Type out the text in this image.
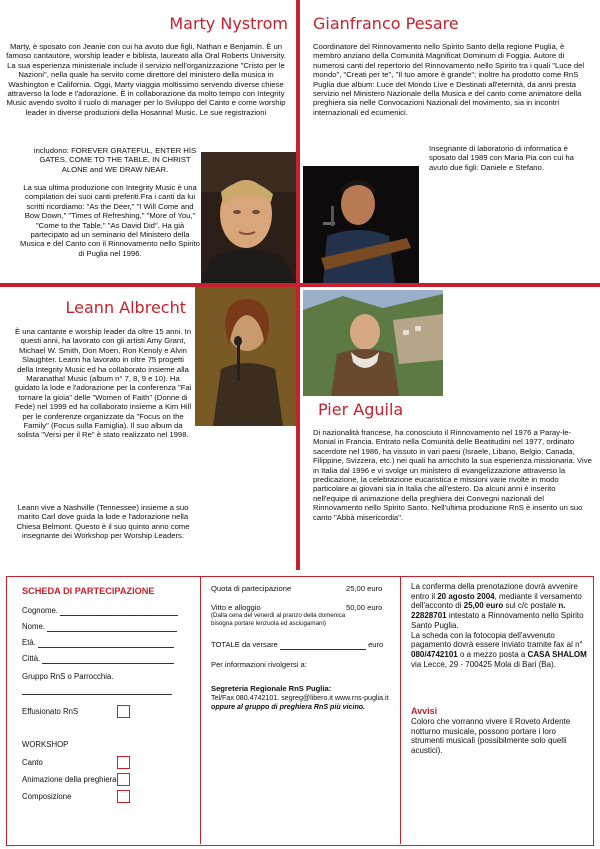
Marty Nystrom

Marty, è sposato con Jeanie con cui ha avuto due figli, Nathan e Benjamin. È un famoso cantautore, worship leader e biblista, laureato alla Oral Roberts University. La sua esperienza ministeriale include il servizio nell'organizzazione "Cristo per le Nazioni", nella quale ha servito come direttore del ministero della musica in Washington e California. Oggi, Marty viaggia moltissimo servendo diverse chiese attraverso la lode e l'adorazione. È in collaborazione da molto tempo con Integrity Music avendo svolto il ruolo di manager per lo Sviluppo del Canto e come worship leader in diverse produzioni della Hosanna! Music. Le sue registrazioni

includono: FOREVER GRATEFUL, ENTER HIS GATES, COME TO THE TABLE, IN CHRIST ALONE and WE DRAW NEAR.

La sua ultima produzione con Integrity Music è una compilation dei suoi canti preferiti.Fra i canti da lui scritti ricordiamo: "As the Deer," "I Will Come and Bow Down," "Times of Refreshing," "More of You," "Come to the Table," "As David Did". Ha già partecipato ad un seminario del Ministero della Musica e del Canto con il Rinnovamento nello Spirito di Puglia nel 1996.

Gianfranco Pesare

Coordinatore del Rinnovamento nello Spirito Santo della regione Puglia, è membro anziano della Comunità Magnificat Dominum di Foggia. Autore di numerosi canti del repertorio del Rinnovamento nello Spirito tra i quali "Luce del mondo", "Creati per te", "Il tuo amore è grande"; inoltre ha prodotto come RnS Puglia due album: Luce del Mondo Live e Destinati all'eternità, da anni presta servizio nel Ministero Nazionale della Musica e del canto come animatore della preghiera sia nelle Convocazioni Nazionali del movimento, sia in incontri internazionali ed ecumenici.

Insegnante di laboratorio di informatica è sposato dal 1989 con Maria Pia con cui ha avuto due figli: Daniele e Stefano.

Leann Albrecht

È una cantante e worship leader da oltre 15 anni. In questi anni, ha lavorato con gli artisti Amy Grant, Michael W. Smith, Don Moen, Ron Kenoly e Alvin Slaughter. Leann ha lavorato in oltre 75 progetti della Integrity Music ed ha collaborato insieme alla Maranatha! Music (album n° 7, 8, 9 e 10). Ha guidato la lode e l'adorazione per la conferenza "Fai tornare la gioia" delle "Women of Faith" (Donne di Fede) nel 1999 ed ha collaborato insieme a Kim Hill per le conferenze organizzate da "Focus on the Family" (Focus sulla Famiglia). Il suo album da solista "Versi per il Re" è stato realizzato nel 1998.

Leann vive a Nashville (Tennessee) insieme a suo marito Carl dove guida la lode e l'adorazione nella Chiesa Belmont. Questo è il suo quinto anno come insegnante dei Workshop per Worship Leaders.

Pier Aguila

Di nazionalità francese, ha conosciuto il Rinnovamento nel 1976 a Paray-le-Monial in Francia. Entrato nella Comunità delle Beatitudini nel 1977, ordinato sacerdote nel 1986, ha vissuto in vari paesi (Israele, Libano, Belgio, Canada, Filippine, Svizzera, etc.) nei quali ha arricchito la sua esperienza missionaria. Vive in Italia dal 1996 e vi svolge un ministero di evangelizzazione attraverso la predicazione, la celebrazione eucaristica e missioni varie rivolte in modo particolare ai giovani sia in Italia che all'estero. Da alcuni anni è inserito nell'equipe di animazione della preghiera dei Convegni nazionali del Rinnovamento nello Spirito Santo. Nell'ultima produzione RnS è inserito un suo canto "Abbà misericordia".

SCHEDA DI PARTECIPAZIONE
Cognome.
Nome.
Età.
Città.
Gruppo RnS o Parrocchia.
Effusionato RnS
WORKSHOP
Canto
Animazione della preghiera
Composizione
Quota di partecipazione	25,00 euro
Vitto e alloggio	50,00 euro
(Dalla cena del venerdì al pranzo della domenica bisogna portare lenzuola ed asciugamani)
TOTALE da versare	euro
Per informazioni rivolgersi a:
Segreteria Regionale RnS Puglia:
Tel/Fax 080.4742101. segreg@libero.it www.rns-puglia.it
oppure al gruppo di preghiera RnS più vicino.
La conferma della prenotazione dovrà avvenire entro il 20 agosto 2004, mediante il versamento dell'acconto di 25,00 euro sul c/c postale n. 22828701 intestato a Rinnovamento nello Spirito Santo Puglia.
La scheda con la fotocopia dell'avvenuto pagamento dovrà essere inviato tramite fax al n° 080/4742101 o a mezzo posta a CASA SHALOM via Lecce, 29 - 700425 Mola di Bari (Ba).
Avvisi
Coloro che vorranno vivere il Roveto Ardente notturno musicale, possono portare i loro strumenti musicali (possibilmente solo quelli acustici).
